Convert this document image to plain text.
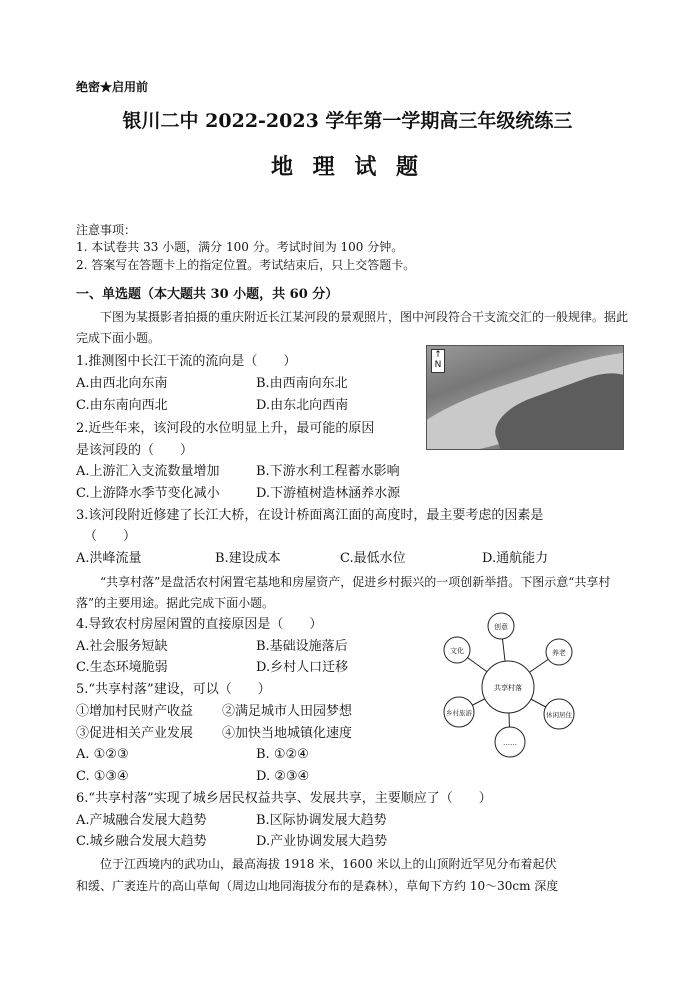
绝密★启用前
银川二中 2022-2023 学年第一学期高三年级统练三
地 理 试 题
注意事项：
1. 本试卷共 33 小题，满分 100 分。考试时间为 100 分钟。
2. 答案写在答题卡上的指定位置。考试结束后，只上交答题卡。
一、单选题（本大题共 30 小题，共 60 分）
下图为某摄影者拍摄的重庆附近长江某河段的景观照片，图中河段符合干支流交汇的一般规律。据此完成下面小题。
1.推测图中长江干流的流向是（　　）
A.由西北向东南	B.由西南向东北
C.由东南向西北	D.由东北向西南
↑
N
2.近些年来，该河段的水位明显上升，最可能的原因
是该河段的（　　）
A.上游汇入支流数量增加	B.下游水利工程蓄水影响
C.上游降水季节变化减小	D.下游植树造林涵养水源
3.该河段附近修建了长江大桥，在设计桥面离江面的高度时，最主要考虑的因素是
（　　）
A.洪峰流量	B.建设成本	C.最低水位	D.通航能力
“共享村落”是盘活农村闲置宅基地和房屋资产，促进乡村振兴的一项创新举措。下图示意“共享村落”的主要用途。据此完成下面小题。
4.导致农村房屋闲置的直接原因是（　　）
A.社会服务短缺	B.基础设施落后
C.生态环境脆弱	D.乡村人口迁移
5.“共享村落”建设，可以（　　）
①增加村民财产收益 ②满足城市人田园梦想
③促进相关产业发展 ④加快当地城镇化速度
A. ①②③	B. ①②④
C. ①③④	D. ②③④
共享村落
创意
养老
休闲居住
……
乡村旅游
文化
6.“共享村落”实现了城乡居民权益共享、发展共享，主要顺应了（　　）
A.产城融合发展大趋势	B.区际协调发展大趋势
C.城乡融合发展大趋势	D.产业协调发展大趋势
位于江西境内的武功山，最高海拔 1918 米，1600 米以上的山顶附近罕见分布着起伏
和缓、广袤连片的高山草甸（周边山地同海拔分布的是森林），草甸下方约 10～30cm 深度
